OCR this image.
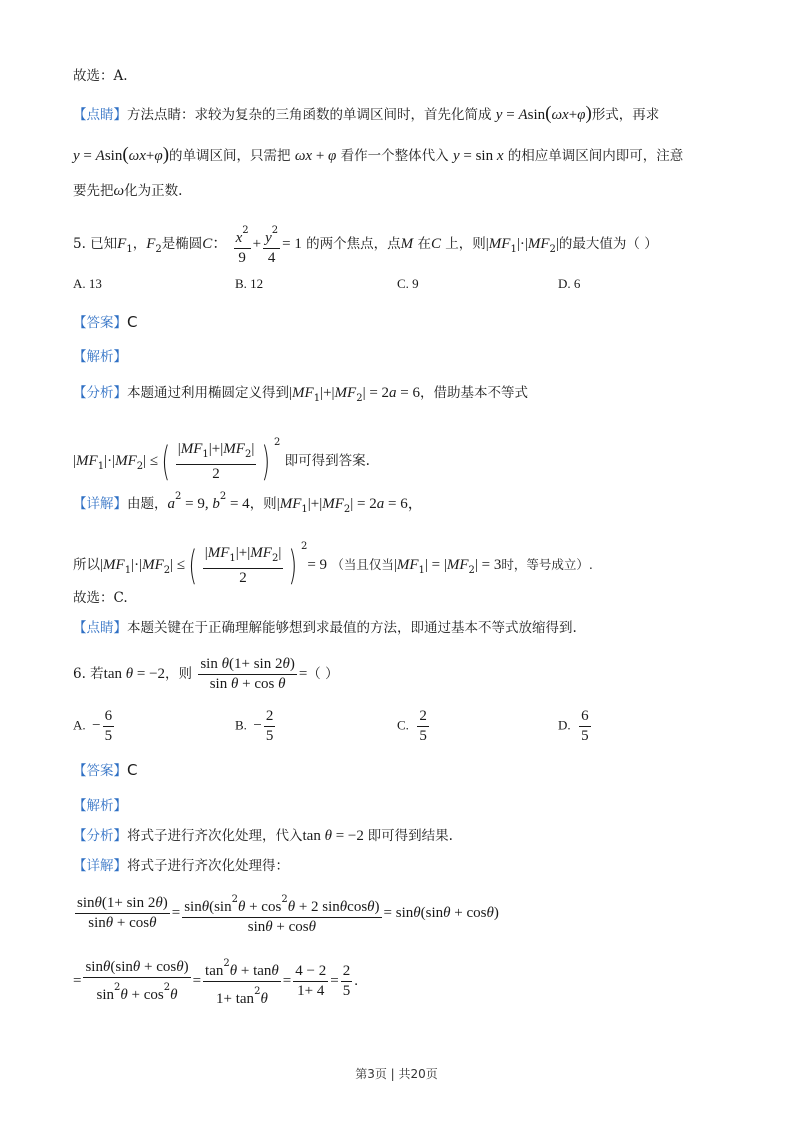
故选：A.
【点睛】方法点睛：求较为复杂的三角函数的单调区间时，首先化简成 y = Asin(ωx+φ)形式，再求
y = Asin(ωx+φ)的单调区间，只需把 ωx + φ 看作一个整体代入 y = sin x 的相应单调区间内即可，注意
要先把ω化为正数.
5. 已知$F_1$，$F_2$是椭圆C： $\frac{x^2}{9} + \frac{y^2}{4} = 1$ 的两个焦点，点M 在C 上，则$|MF_1|\cdot|MF_2|$的最大值为（ ）
A. 13	B. 12	C. 9	D. 6
【答案】C
【解析】
【分析】本题通过利用椭圆定义得到$|MF_1|+|MF_2| = 2a = 6$，借助基本不等式
$|MF_1|\cdot|MF_2|$ ≤( $\frac{|MF_1|+|MF_2|}{2}$ ) $^2$ 即可得到答案.
【详解】由题，$a^2 = 9$, $b^2 = 4$，则$|MF_1|+|MF_2| = 2a = 6$，
所以$|MF_1|\cdot|MF_2|$ ≤( $\frac{|MF_1|+|MF_2|}{2}$ ) $^2$= 9 （当且仅当$|MF_1| = |MF_2| = 3$时，等号成立）.
故选：C.
【点睛】本题关键在于正确理解能够想到求最值的方法，即通过基本不等式放缩得到.
6. 若tan θ = −2，则 $\frac{\text{sin θ(1+ sin 2θ)}}{\text{sin θ + cos θ}}$ =（ ）
A. − $\frac{6}{5}$	B. − $\frac{2}{5}$	C. $\frac{2}{5}$	D. $\frac{6}{5}$
【答案】C
【解析】
【分析】将式子进行齐次化处理，代入tan θ = −2 即可得到结果.
【详解】将式子进行齐次化处理得：
$\frac{\sin\theta(1+ \sin 2\theta)}{\sin\theta + \cos\theta} = \frac{\sin\theta(\sin^2\theta + \cos^2\theta + 2 \sin\theta\cos\theta)}{\sin\theta + \cos\theta} = \sin\theta(\sin\theta + \cos\theta)$
= $\frac{\sin\theta(\sin\theta + \cos\theta)}{\sin^2\theta + \cos^2\theta} = \frac{\tan^2\theta + \tan\theta}{1+ \tan^2\theta} = \frac{4 - 2}{1+ 4} = \frac{2}{5}$ .
第3页 | 共20页
